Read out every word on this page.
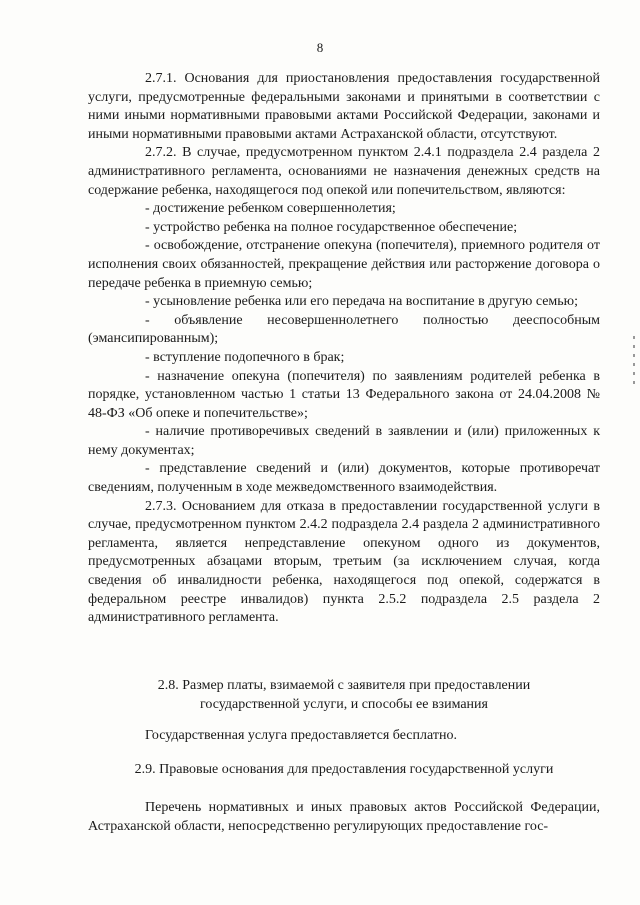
8

2.7.1. Основания для приостановления предоставления государственной услуги, предусмотренные федеральными законами и принятыми в соответствии с ними иными нормативными правовыми актами Российской Федерации, законами и иными нормативными правовыми актами Астраханской области, отсутствуют.

2.7.2. В случае, предусмотренном пунктом 2.4.1 подраздела 2.4 раздела 2 административного регламента, основаниями не назначения денежных средств на содержание ребенка, находящегося под опекой или попечительством, являются:

- достижение ребенком совершеннолетия;

- устройство ребенка на полное государственное обеспечение;

- освобождение, отстранение опекуна (попечителя), приемного родителя от исполнения своих обязанностей, прекращение действия или расторжение договора о передаче ребенка в приемную семью;

- усыновление ребенка или его передача на воспитание в другую семью;

- объявление несовершеннолетнего полностью дееспособным (эмансипированным);

- вступление подопечного в брак;

- назначение опекуна (попечителя) по заявлениям родителей ребенка в порядке, установленном частью 1 статьи 13 Федерального закона от 24.04.2008 № 48-ФЗ «Об опеке и попечительстве»;

- наличие противоречивых сведений в заявлении и (или) приложенных к нему документах;

- представление сведений и (или) документов, которые противоречат сведениям, полученным в ходе межведомственного взаимодействия.

2.7.3. Основанием для отказа в предоставлении государственной услуги в случае, предусмотренном пунктом 2.4.2 подраздела 2.4 раздела 2 административного регламента, является непредставление опекуном одного из документов, предусмотренных абзацами вторым, третьим (за исключением случая, когда сведения об инвалидности ребенка, находящегося под опекой, содержатся в федеральном реестре инвалидов) пункта 2.5.2 подраздела 2.5 раздела 2 административного регламента.

2.8. Размер платы, взимаемой с заявителя при предоставлении государственной услуги, и способы ее взимания

Государственная услуга предоставляется бесплатно.

2.9. Правовые основания для предоставления государственной услуги

Перечень нормативных и иных правовых актов Российской Федерации, Астраханской области, непосредственно регулирующих предоставление гос-
